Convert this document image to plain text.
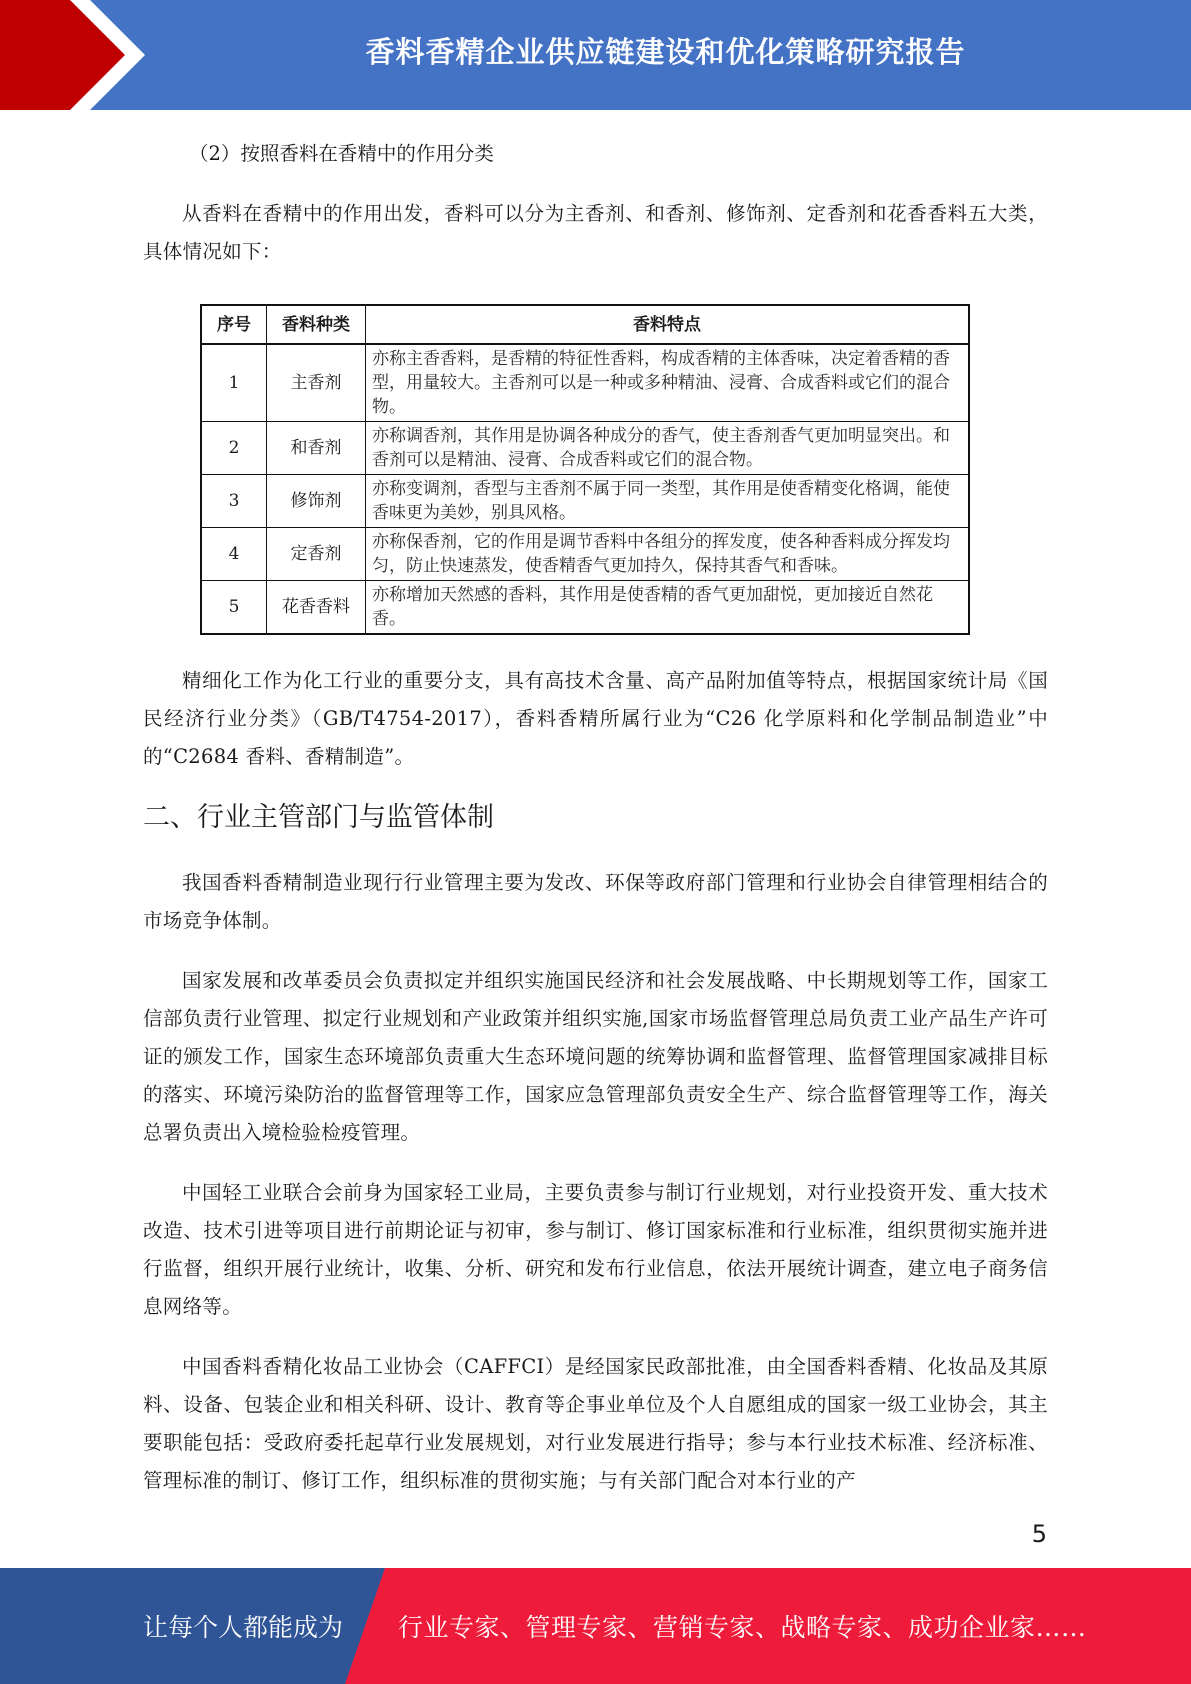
香料香精企业供应链建设和优化策略研究报告

（2）按照香料在香精中的作用分类

从香料在香精中的作用出发，香料可以分为主香剂、和香剂、修饰剂、定香剂和花香香料五大类，具体情况如下：

序号	香料种类	香料特点
1	主香剂	亦称主香香料，是香精的特征性香料，构成香精的主体香味，决定着香精的香型，用量较大。主香剂可以是一种或多种精油、浸膏、合成香料或它们的混合物。
2	和香剂	亦称调香剂，其作用是协调各种成分的香气，使主香剂香气更加明显突出。和香剂可以是精油、浸膏、合成香料或它们的混合物。
3	修饰剂	亦称变调剂，香型与主香剂不属于同一类型，其作用是使香精变化格调，能使香味更为美妙，别具风格。
4	定香剂	亦称保香剂，它的作用是调节香料中各组分的挥发度，使各种香料成分挥发均匀，防止快速蒸发，使香精香气更加持久，保持其香气和香味。
5	花香香料	亦称增加天然感的香料，其作用是使香精的香气更加甜悦，更加接近自然花香。

精细化工作为化工行业的重要分支，具有高技术含量、高产品附加值等特点，根据国家统计局《国民经济行业分类》（GB/T4754-2017），香料香精所属行业为“C26 化学原料和化学制品制造业”中的“C2684 香料、香精制造”。

二、行业主管部门与监管体制

我国香料香精制造业现行行业管理主要为发改、环保等政府部门管理和行业协会自律管理相结合的市场竞争体制。

国家发展和改革委员会负责拟定并组织实施国民经济和社会发展战略、中长期规划等工作，国家工信部负责行业管理、拟定行业规划和产业政策并组织实施,国家市场监督管理总局负责工业产品生产许可证的颁发工作，国家生态环境部负责重大生态环境问题的统筹协调和监督管理、监督管理国家减排目标的落实、环境污染防治的监督管理等工作，国家应急管理部负责安全生产、综合监督管理等工作，海关总署负责出入境检验检疫管理。

中国轻工业联合会前身为国家轻工业局，主要负责参与制订行业规划，对行业投资开发、重大技术改造、技术引进等项目进行前期论证与初审，参与制订、修订国家标准和行业标准，组织贯彻实施并进行监督，组织开展行业统计，收集、分析、研究和发布行业信息，依法开展统计调查，建立电子商务信息网络等。

中国香料香精化妆品工业协会（CAFFCI）是经国家民政部批准，由全国香料香精、化妆品及其原料、设备、包装企业和相关科研、设计、教育等企事业单位及个人自愿组成的国家一级工业协会，其主要职能包括：受政府委托起草行业发展规划，对行业发展进行指导；参与本行业技术标准、经济标准、管理标准的制订、修订工作，组织标准的贯彻实施；与有关部门配合对本行业的产

5
让每个人都能成为 行业专家、管理专家、营销专家、战略专家、成功企业家……
